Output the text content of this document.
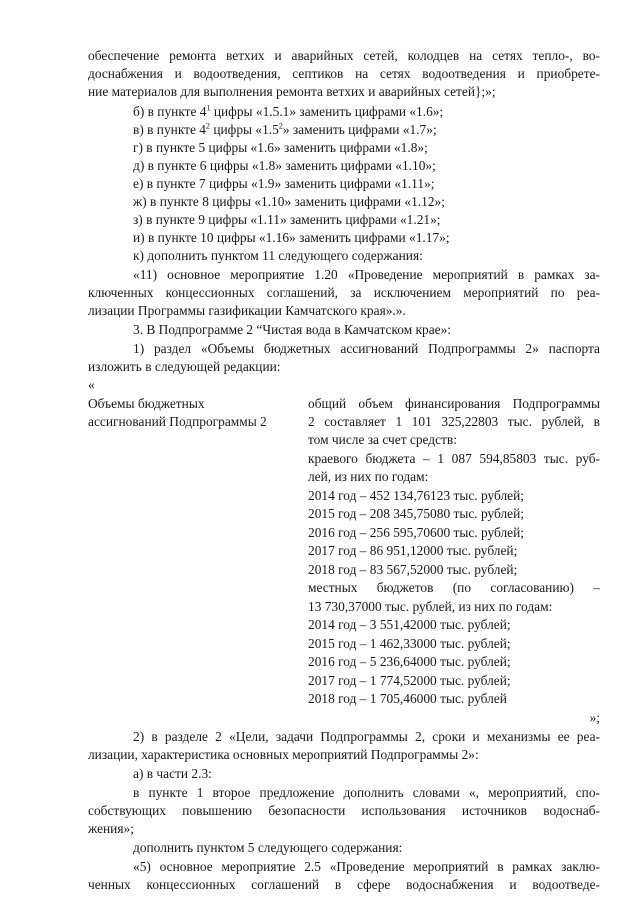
обеспечение ремонта ветхих и аварийных сетей, колодцев на сетях тепло-, во-
доснабжения и водоотведения, септиков на сетях водоотведения и приобрете-
ние материалов для выполнения ремонта ветхих и аварийных сетей};»;
б) в пункте $4^1$ цифры «1.5.1» заменить цифрами «1.6»;
в) в пункте $4^2$ цифры «$1.5^2$» заменить цифрами «1.7»;
г) в пункте 5 цифры «1.6» заменить цифрами «1.8»;
д) в пункте 6 цифры «1.8» заменить цифрами «1.10»;
е) в пункте 7 цифры «1.9» заменить цифрами «1.11»;
ж) в пункте 8 цифры «1.10» заменить цифрами «1.12»;
з) в пункте 9 цифры «1.11» заменить цифрами «1.21»;
и) в пункте 10 цифры «1.16» заменить цифрами «1.17»;
к) дополнить пунктом 11 следующего содержания:
«11) основное мероприятие 1.20 «Проведение мероприятий в рамках за-
ключенных концессионных соглашений, за исключением мероприятий по реа-
лизации Программы газификации Камчатского края».».
3. В Подпрограмме 2 “Чистая вода в Камчатском крае»:
1) раздел «Объемы бюджетных ассигнований Подпрограммы 2» паспорта
изложить в следующей редакции:
«
Объемы бюджетных
ассигнований Подпрограммы 2
общий объем финансирования Подпрограммы
2 составляет 1 101 325,22803 тыс. рублей, в
том числе за счет средств:
краевого бюджета – 1 087 594,85803 тыс. руб-
лей, из них по годам:
2014 год – 452 134,76123 тыс. рублей;
2015 год – 208 345,75080 тыс. рублей;
2016 год – 256 595,70600 тыс. рублей;
2017 год – 86 951,12000 тыс. рублей;
2018 год – 83 567,52000 тыс. рублей;
местных бюджетов (по согласованию) –
13 730,37000 тыс. рублей, из них по годам:
2014 год – 3 551,42000 тыс. рублей;
2015 год – 1 462,33000 тыс. рублей;
2016 год – 5 236,64000 тыс. рублей;
2017 год – 1 774,52000 тыс. рублей;
2018 год – 1 705,46000 тыс. рублей
»;
2) в разделе 2 «Цели, задачи Подпрограммы 2, сроки и механизмы ее реа-
лизации, характеристика основных мероприятий Подпрограммы 2»:
а) в части 2.3:
в пункте 1 второе предложение дополнить словами «, мероприятий, спо-
собствующих повышению безопасности использования источников водоснаб-
жения»;
дополнить пунктом 5 следующего содержания:
«5) основное мероприятие 2.5 «Проведение мероприятий в рамках заклю-
ченных концессионных соглашений в сфере водоснабжения и водоотведе-
